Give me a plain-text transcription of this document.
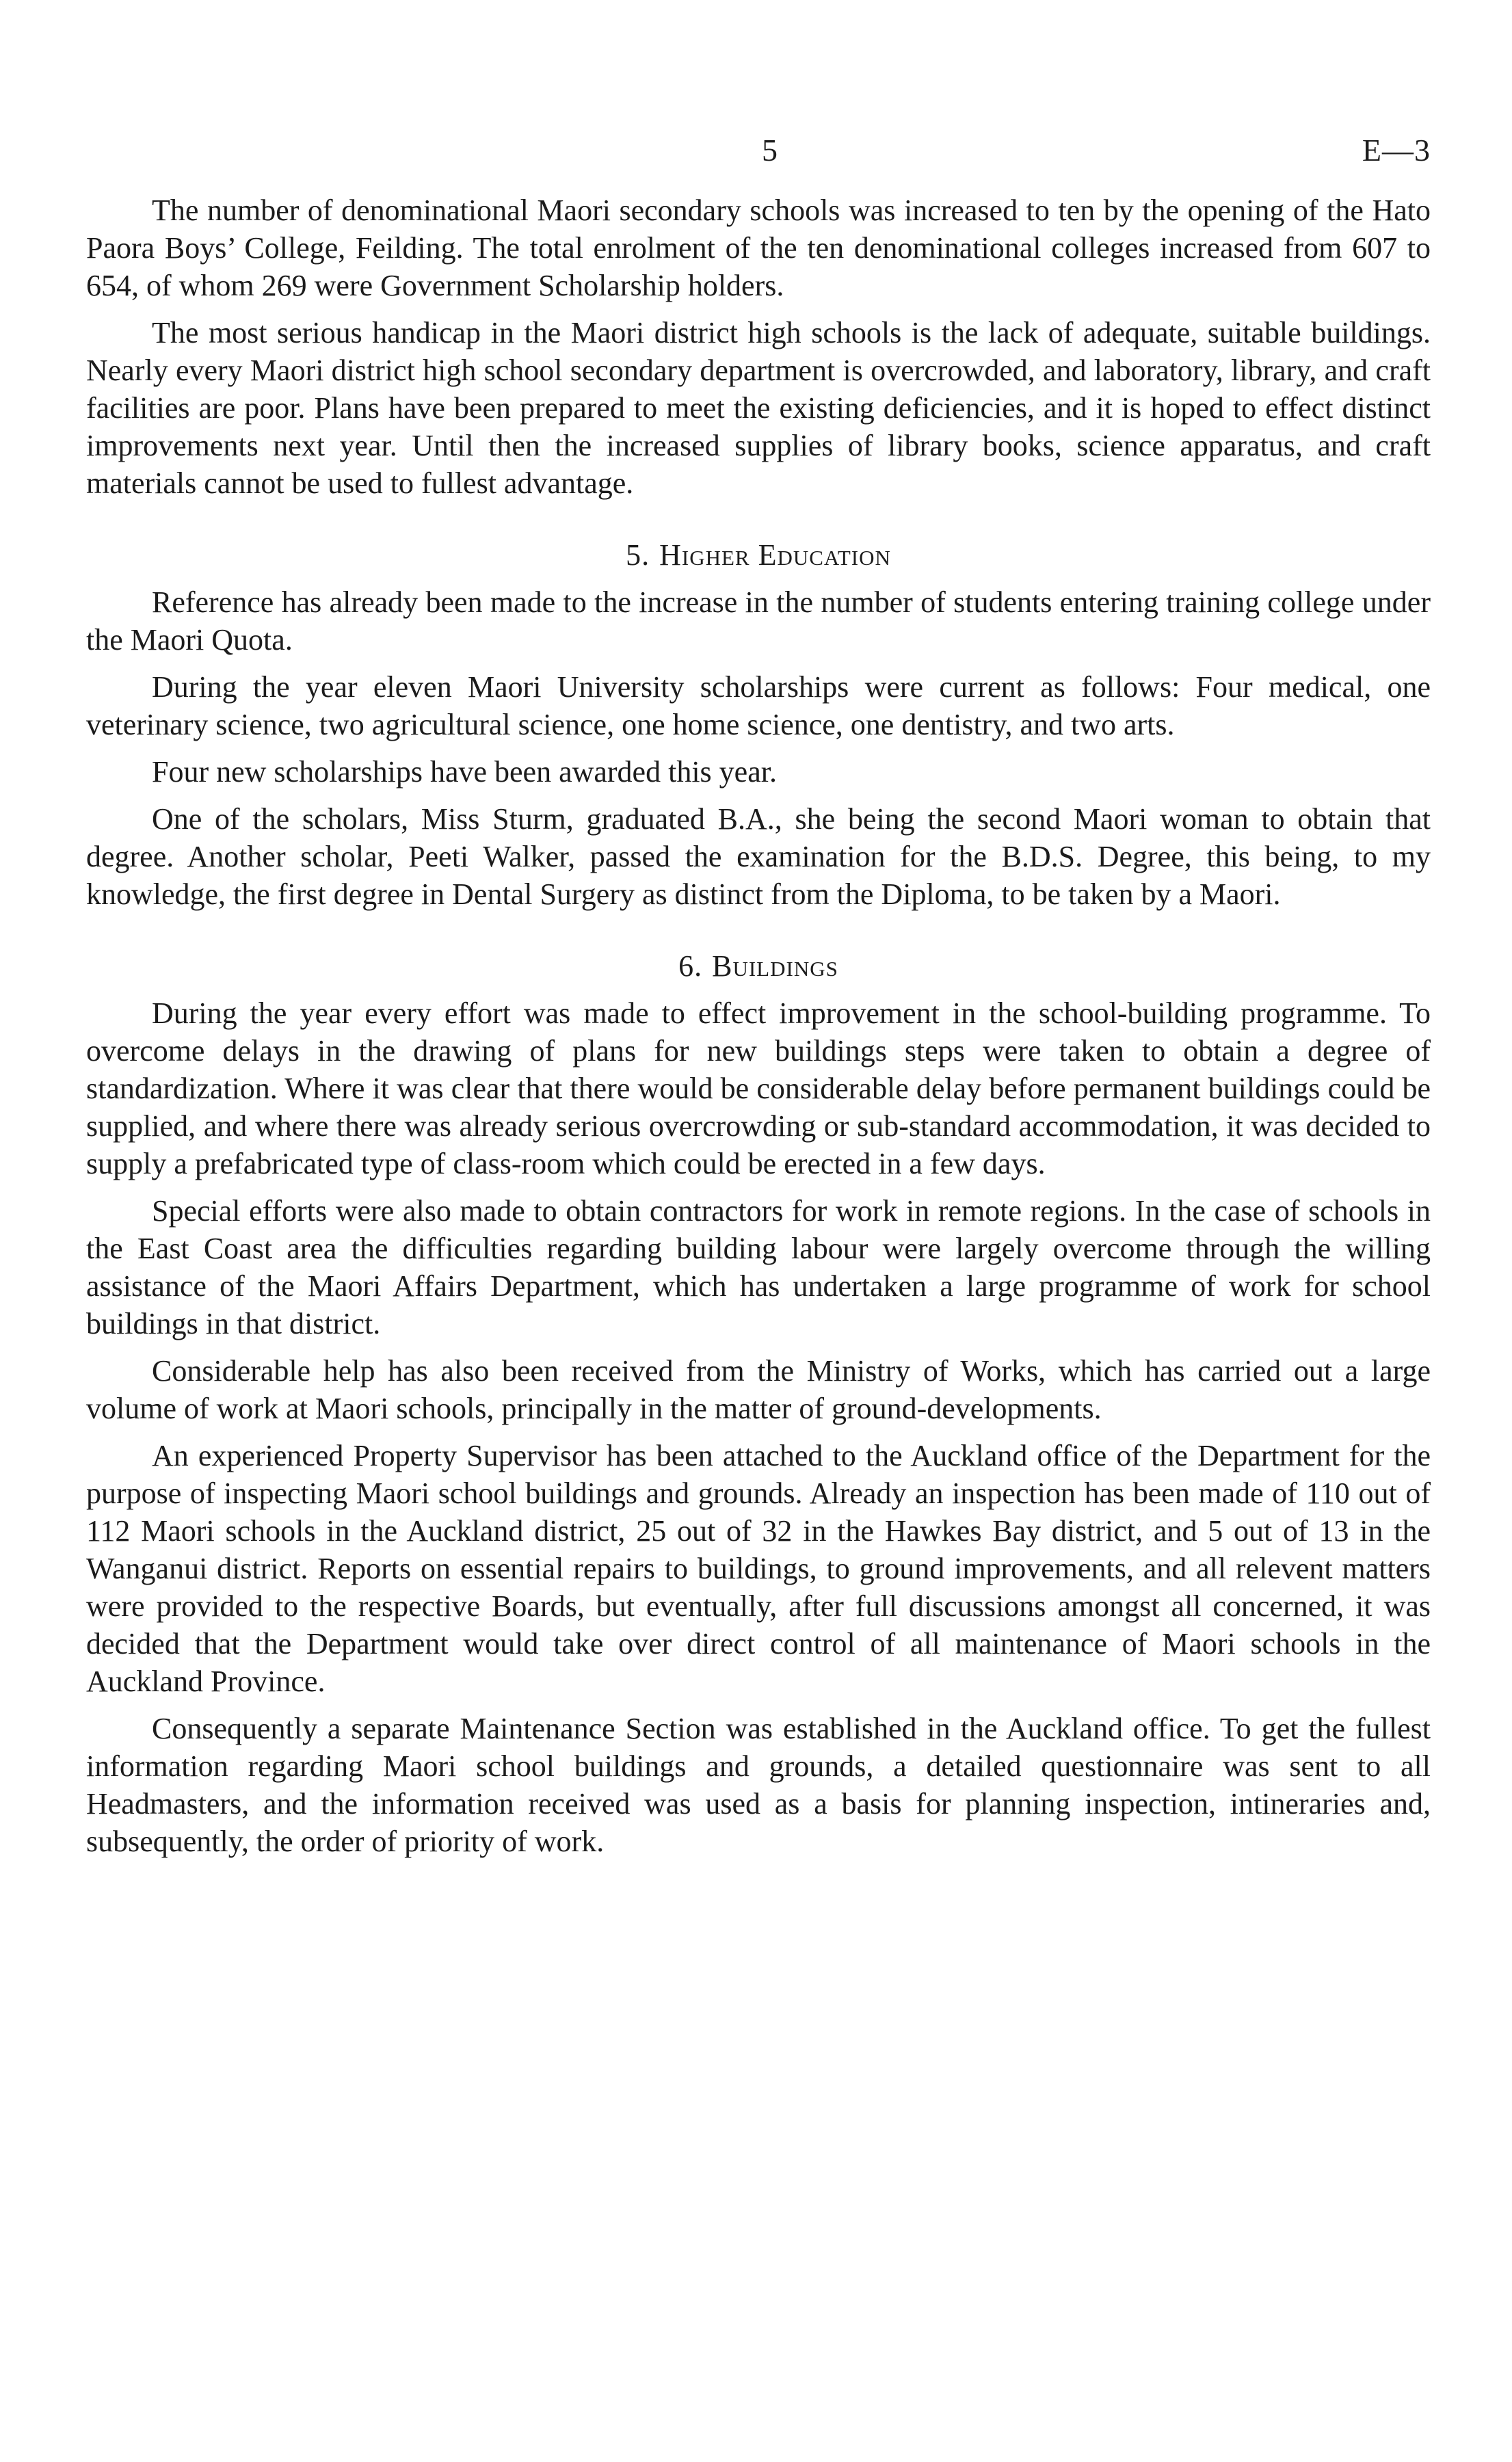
5	E—3

The number of denominational Maori secondary schools was increased to ten by the opening of the Hato Paora Boys’ College, Feilding. The total enrolment of the ten denominational colleges increased from 607 to 654, of whom 269 were Government Scholarship holders.

The most serious handicap in the Maori district high schools is the lack of adequate, suitable buildings. Nearly every Maori district high school secondary department is overcrowded, and laboratory, library, and craft facilities are poor. Plans have been prepared to meet the existing deficiencies, and it is hoped to effect distinct improvements next year. Until then the increased supplies of library books, science apparatus, and craft materials cannot be used to fullest advantage.

5. Higher Education

Reference has already been made to the increase in the number of students entering training college under the Maori Quota.

During the year eleven Maori University scholarships were current as follows: Four medical, one veterinary science, two agricultural science, one home science, one dentistry, and two arts.

Four new scholarships have been awarded this year.

One of the scholars, Miss Sturm, graduated B.A., she being the second Maori woman to obtain that degree. Another scholar, Peeti Walker, passed the examination for the B.D.S. Degree, this being, to my knowledge, the first degree in Dental Surgery as distinct from the Diploma, to be taken by a Maori.

6. Buildings

During the year every effort was made to effect improvement in the school-building programme. To overcome delays in the drawing of plans for new buildings steps were taken to obtain a degree of standardization. Where it was clear that there would be considerable delay before permanent buildings could be supplied, and where there was already serious overcrowding or sub-standard accommodation, it was decided to supply a prefabricated type of class-room which could be erected in a few days.

Special efforts were also made to obtain contractors for work in remote regions. In the case of schools in the East Coast area the difficulties regarding building labour were largely overcome through the willing assistance of the Maori Affairs Department, which has undertaken a large programme of work for school buildings in that district.

Considerable help has also been received from the Ministry of Works, which has carried out a large volume of work at Maori schools, principally in the matter of ground-developments.

An experienced Property Supervisor has been attached to the Auckland office of the Department for the purpose of inspecting Maori school buildings and grounds. Already an inspection has been made of 110 out of 112 Maori schools in the Auckland district, 25 out of 32 in the Hawkes Bay district, and 5 out of 13 in the Wanganui district. Reports on essential repairs to buildings, to ground improvements, and all relevent matters were provided to the respective Boards, but eventually, after full discussions amongst all concerned, it was decided that the Department would take over direct control of all maintenance of Maori schools in the Auckland Province.

Consequently a separate Maintenance Section was established in the Auckland office. To get the fullest information regarding Maori school buildings and grounds, a detailed questionnaire was sent to all Headmasters, and the information received was used as a basis for planning inspection, intineraries and, subsequently, the order of priority of work.
